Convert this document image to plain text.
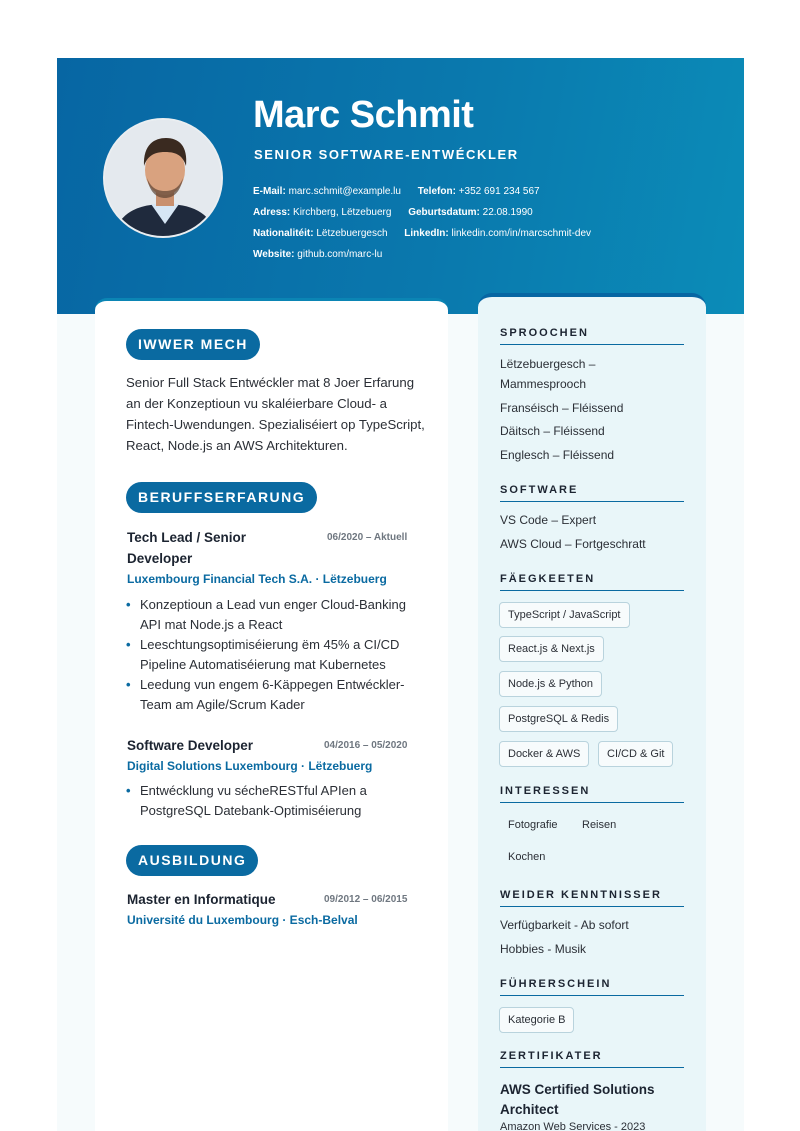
Marc Schmit
SENIOR SOFTWARE-ENTWÉCKLER
E-Mail: marc.schmit@example.lu Telefon: +352 691 234 567
Adress: Kirchberg, Lëtzebuerg Geburtsdatum: 22.08.1990
Nationalitéit: Lëtzebuergesch LinkedIn: linkedin.com/in/marcschmit-dev
Website: github.com/marc-lu
IWWER MECH
Senior Full Stack Entwéckler mat 8 Joer Erfarung an der Konzeptioun vu skaléierbare Cloud- a Fintech-Uwendungen. Spezialiséiert op TypeScript, React, Node.js an AWS Architekturen.
BERUFFSERFARUNG
Tech Lead / Senior Developer
06/2020 – Aktuell
Luxembourg Financial Tech S.A. · Lëtzebuerg
• Konzeptioun a Lead vun enger Cloud-Banking API mat Node.js a React
• Leeschtungsoptimiséierung ëm 45% a CI/CD Pipeline Automatiséierung mat Kubernetes
• Leedung vun engem 6-Käppegen Entwéckler-Team am Agile/Scrum Kader
Software Developer	04/2016 – 05/2020
Digital Solutions Luxembourg · Lëtzebuerg
• Entwécklung vu sécheRESTful APIen a PostgreSQL Datebank-Optimiséierung
AUSBILDUNG
Master en Informatique	09/2012 – 06/2015
Université du Luxembourg · Esch-Belval
SPROOCHEN
Lëtzebuergesch – Mammesprooch
Franséisch – Fléissend
Däitsch – Fléissend
Englesch – Fléissend
SOFTWARE
VS Code – Expert
AWS Cloud – Fortgeschratt
FÄEGKEETEN
TypeScript / JavaScript
React.js & Next.js
Node.js & Python
PostgreSQL & Redis
Docker & AWS	CI/CD & Git
INTERESSEN
Fotografie Reisen
Kochen
WEIDER KENNTNISSER
Verfügbarkeit - Ab sofort
Hobbies - Musik
FÜHRERSCHEIN
Kategorie B
ZERTIFIKATER
AWS Certified Solutions Architect
Amazon Web Services - 2023
